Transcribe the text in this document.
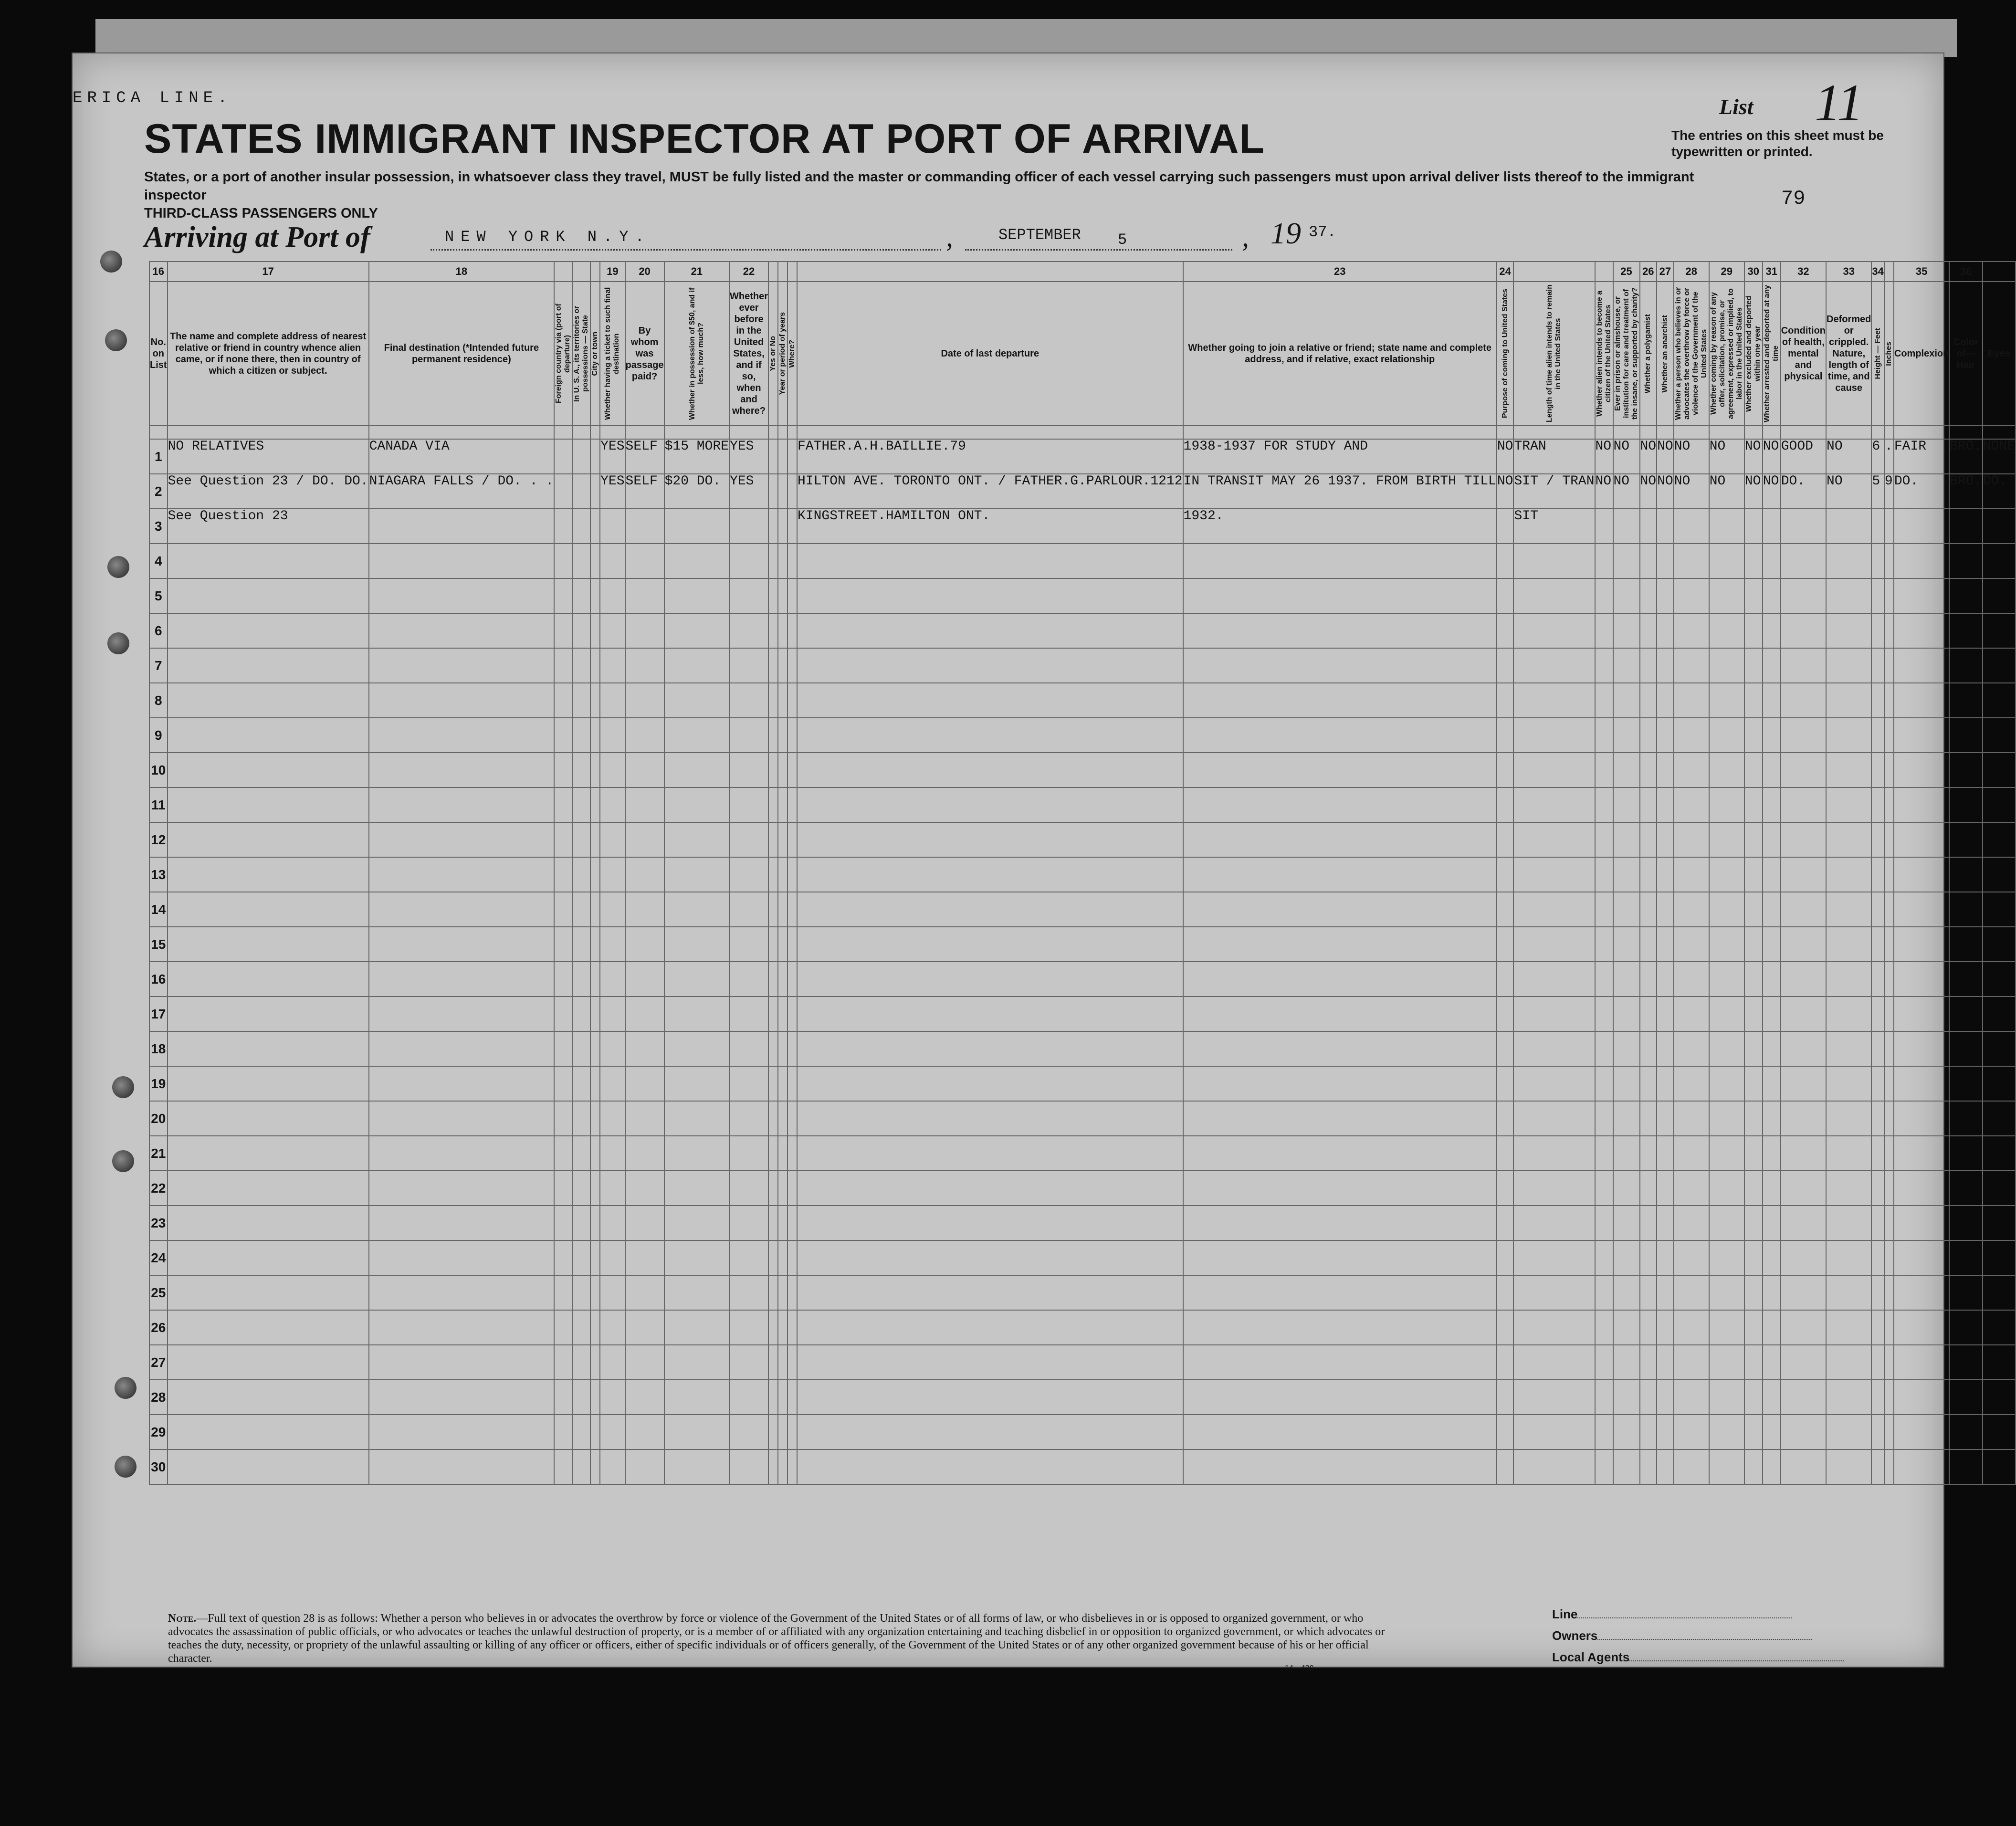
ERICA LINE.
STATES IMMIGRANT INSPECTOR AT PORT OF ARRIVAL
States, or a port of another insular possession, in whatsoever class they travel, MUST be fully listed and the master or commanding officer of each vessel carrying such passengers must upon arrival deliver lists thereof to the immigrant inspector
THIRD-CLASS PASSENGERS ONLY
List 11
The entries on this sheet must be typewritten or printed.
79
Arriving at Port of	NEW YORK N.Y.	,	SEPTEMBER 5	, 19 37.
16	17	18				19	20	21	22					23	24			25	26	27	28	29	30	31	32	33	34		35	36	

No. on List	The name and complete address of nearest relative or friend in country whence alien came, or if none there, then in country of which a citizen or subject.	Final destination (*Intended future permanent residence)	Foreign country via (port of departure)	In U. S. A., its territories or possessions — State	City or town	Whether having a ticket to such final destination	By whom was passage paid?	Whether in possession of $50, and if less, how much?	Whether ever before in the United States, and if so, when and where?	Yes or No	Year or period of years	Where?	Date of last departure	Whether going to join a relative or friend; state name and complete address, and if relative, exact relationship	Purpose of coming to United States	Length of time alien intends to remain in the United States	Whether alien intends to become a citizen of the United States	Ever in prison or almshouse, or institution for care and treatment of the insane, or supported by charity?	Whether a polygamist	Whether an anarchist	Whether a person who believes in or advocates the overthrow by force or violence of the Government of the United States	Whether coming by reason of any offer, solicitation, promise, or agreement, expressed or implied, to labor in the United States	Whether excluded and deported within one year	Whether arrested and deported at any time	Condition of health, mental and physical	Deformed or crippled. Nature, length of time, and cause	Height — Feet	Inches	Complexion	Color of— Hair	Eyes

1	NO RELATIVES	CANADA VIA				YES	SELF	$15 MORE	YES				FATHER.A.H.BAILLIE.79	1938-1937 FOR STUDY AND	NO	TRAN	NO	NO	NO	NO	NO	NO	NO	NO	GOOD	NO	6	.	FAIR	BRO.	NONE
2	See Question 23 / DO. DO.	NIAGARA FALLS / DO. . .				YES	SELF	$20 DO.	YES				HILTON AVE. TORONTO ONT. / FATHER.G.PARLOUR.1212	IN TRANSIT MAY 26 1937. FROM BIRTH TILL	NO	SIT / TRAN	NO	NO	NO	NO	NO	NO	NO	NO	DO.	NO	5	9	DO.	BRO.	DO.
3	See Question 23												KINGSTREET.HAMILTON ONT.	1932.		SIT															
4																															
5																															
6																															
7																															
8																															
9																															
10																															
11																															
12																															
13																															
14																															
15																															
16																															
17																															
18																															
19																															
20																															
21																															
22																															
23																															
24																															
25																															
26																															
27																															
28																															
29																															
30																															
Note.—Full text of question 28 is as follows: Whether a person who believes in or advocates the overthrow by force or violence of the Government of the United States or of all forms of law, or who disbelieves in or is opposed to organized government, or who advocates the assassination of public officials, or who advocates or teaches the unlawful destruction of property, or is a member of or affiliated with any organization entertaining and teaching disbelief in or opposition to organized government, or which advocates or teaches the duty, necessity, or propriety of the unlawful assaulting or killing of any officer or officers, either of specific individuals or of officers generally, of the Government of the United States or of any other organized government because of his or her official character.
14—430
Line
Owners
Local Agents
